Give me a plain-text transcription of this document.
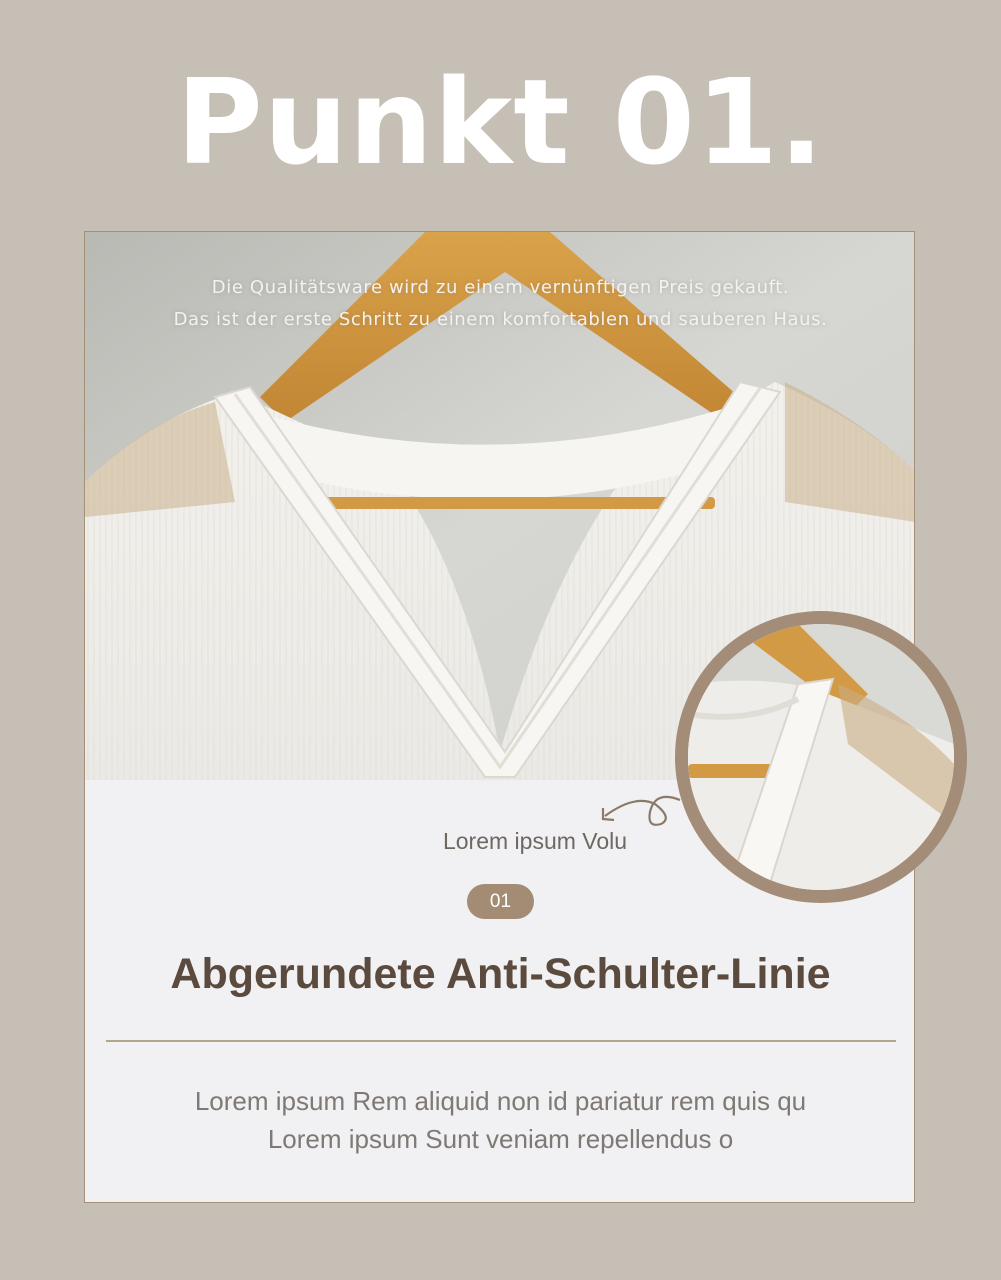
Punkt 01.
Die Qualitätsware wird zu einem vernünftigen Preis gekauft.
Das ist der erste Schritt zu einem komfortablen und sauberen Haus.
Lorem ipsum Volu
01
Abgerundete Anti-Schulter-Linie
Lorem ipsum Rem aliquid non id pariatur rem quis qu
Lorem ipsum Sunt veniam repellendus o
